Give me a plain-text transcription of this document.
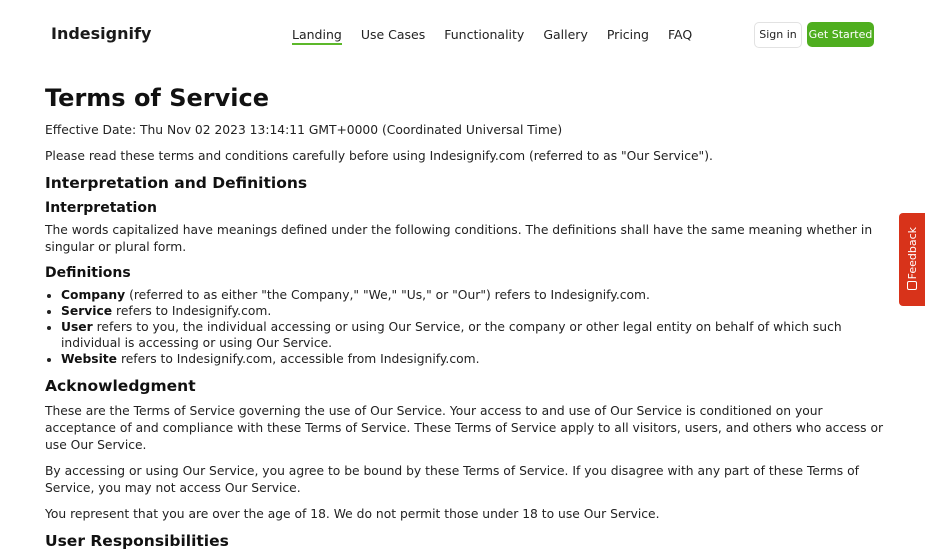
Indesignify	Landing Use Cases Functionality Gallery Pricing FAQ	Sign in	Get Started
Terms of Service

Effective Date: Thu Nov 02 2023 13:14:11 GMT+0000 (Coordinated Universal Time)

Please read these terms and conditions carefully before using Indesignify.com (referred to as "Our Service").

Interpretation and Definitions
Interpretation

The words capitalized have meanings defined under the following conditions. The definitions shall have the same meaning whether in singular or plural form.

Definitions
• Company (referred to as either "the Company," "We," "Us," or "Our") refers to Indesignify.com.
• Service refers to Indesignify.com.
• User refers to you, the individual accessing or using Our Service, or the company or other legal entity on behalf of which such individual is accessing or using Our Service.
• Website refers to Indesignify.com, accessible from Indesignify.com.
Acknowledgment

These are the Terms of Service governing the use of Our Service. Your access to and use of Our Service is conditioned on your acceptance of and compliance with these Terms of Service. These Terms of Service apply to all visitors, users, and others who access or use Our Service.

By accessing or using Our Service, you agree to be bound by these Terms of Service. If you disagree with any part of these Terms of Service, you may not access Our Service.

You represent that you are over the age of 18. We do not permit those under 18 to use Our Service.

User Responsibilities
Feedback
